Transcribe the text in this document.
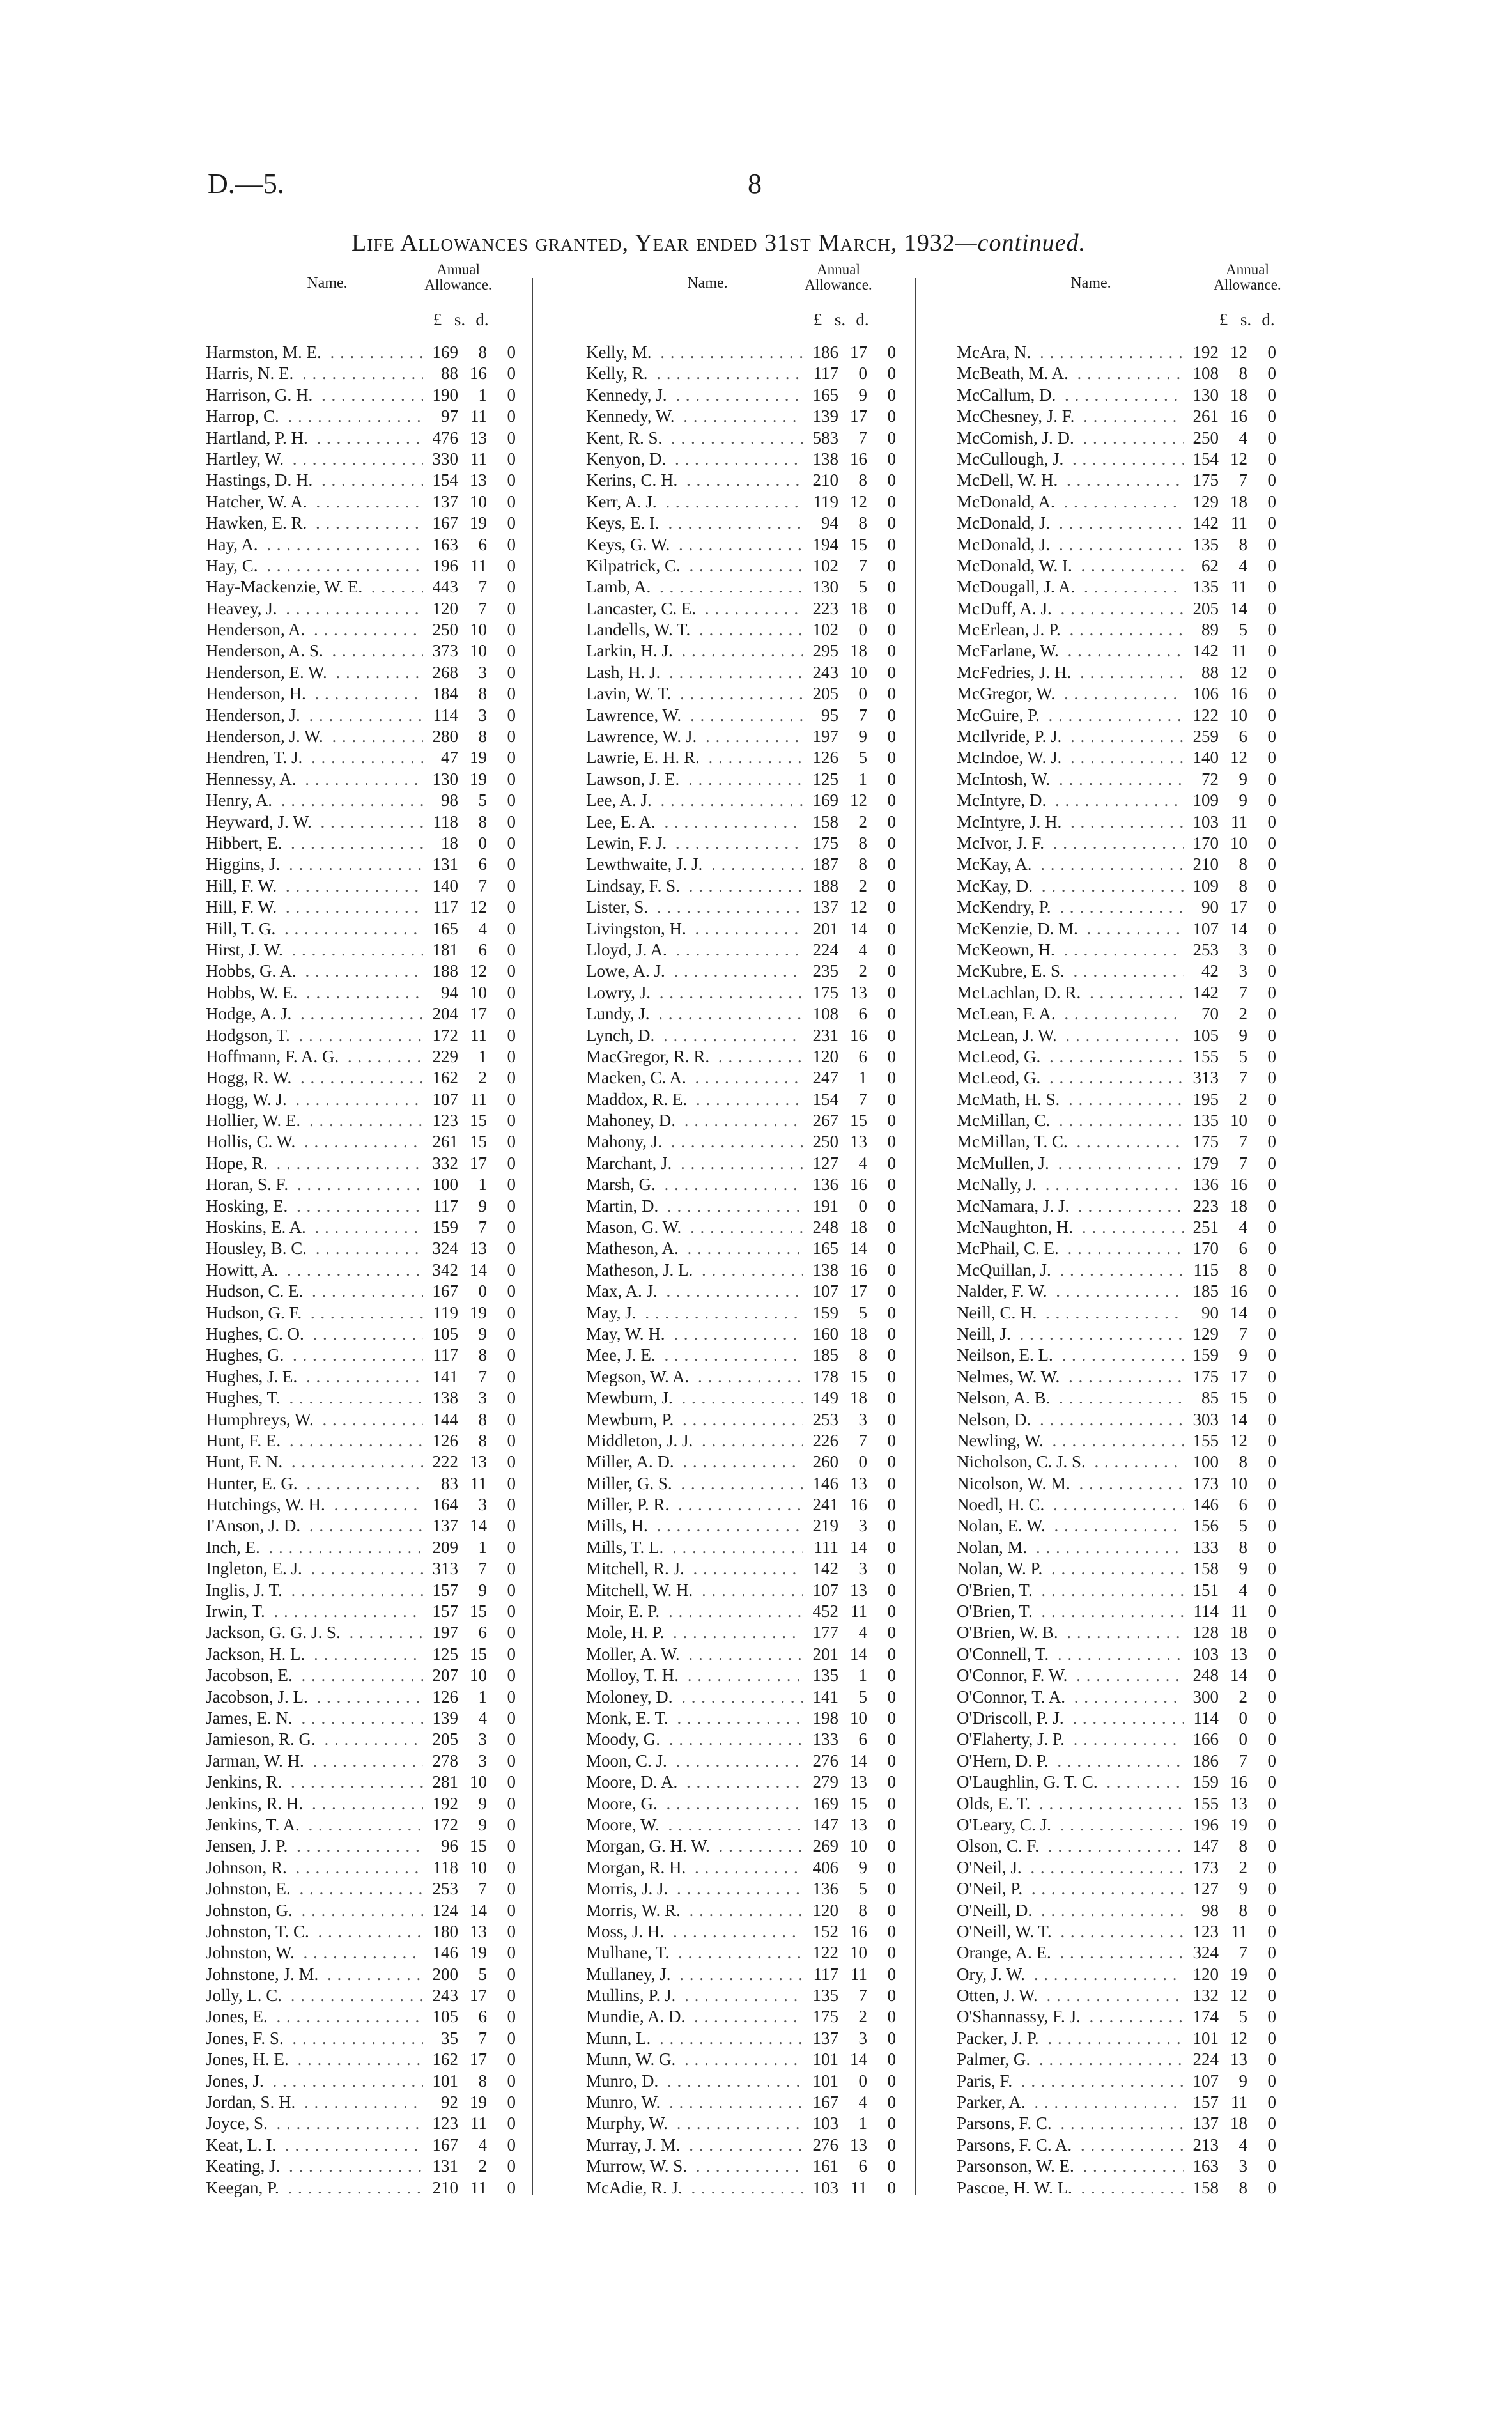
D.—5.	8
Life Allowances granted, Year ended 31st March, 1932—continued.
Name.
Annual
Allowance.
£ s. d.
Harmston, M. E. . . .	169	8	0
Harris, N. E. . . .	88 16	0
Harrison, G. H. . . .	190	1	0
Harrop, C. . . .	97 11	0
Hartland, P. H. . . .	476 13	0
Hartley, W. . . .	330 11	0
Hastings, D. H. . . .	154 13	0
Hatcher, W. A. . . .	137 10	0
Hawken, E. R. . . .	167 19	0
Hay, A. . . .	163	6	0
Hay, C. . . .	196 11	0
Hay-Mackenzie, W. E. . . .	443	7	0
Heavey, J. . . .	120	7	0
Henderson, A. . . .	250 10	0
Henderson, A. S. . . .	373 10	0
Henderson, E. W. . . .	268	3	0
Henderson, H. . . .	184	8	0
Henderson, J. . . .	114	3	0
Henderson, J. W. . . .	280	8	0
Hendren, T. J. . . .	47 19	0
Hennessy, A. . . .	130 19	0
Henry, A. . . .	98	5	0
Heyward, J. W. . . .	118	8	0
Hibbert, E. . . .	18	0	0
Higgins, J. . . .	131	6	0
Hill, F. W. . . .	140	7	0
Hill, F. W. . . .	117 12	0
Hill, T. G. . . .	165	4	0
Hirst, J. W. . . .	181	6	0
Hobbs, G. A. . . .	188 12	0
Hobbs, W. E. . . .	94 10	0
Hodge, A. J. . . .	204 17	0
Hodgson, T. . . .	172 11	0
Hoffmann, F. A. G. . . .	229	1	0
Hogg, R. W. . . .	162	2	0
Hogg, W. J. . . .	107 11	0
Hollier, W. E. . . .	123 15	0
Hollis, C. W. . . .	261 15	0
Hope, R. . . .	332 17	0
Horan, S. F. . . .	100	1	0
Hosking, E. . . .	117	9	0
Hoskins, E. A. . . .	159	7	0
Housley, B. C. . . .	324 13	0
Howitt, A. . . .	342 14	0
Hudson, C. E. . . .	167	0	0
Hudson, G. F. . . .	119 19	0
Hughes, C. O. . . .	105	9	0
Hughes, G. . . .	117	8	0
Hughes, J. E. . . .	141	7	0
Hughes, T. . . .	138	3	0
Humphreys, W. . . .	144	8	0
Hunt, F. E. . . .	126	8	0
Hunt, F. N. . . .	222 13	0
Hunter, E. G. . . .	83 11	0
Hutchings, W. H. . . .	164	3	0
I'Anson, J. D. . . .	137 14	0
Inch, E. . . .	209	1	0
Ingleton, E. J. . . .	313	7	0
Inglis, J. T. . . .	157	9	0
Irwin, T. . . .	157 15	0
Jackson, G. G. J. S. . . .	197	6	0
Jackson, H. L. . . .	125 15	0
Jacobson, E. . . .	207 10	0
Jacobson, J. L. . . .	126	1	0
James, E. N. . . .	139	4	0
Jamieson, R. G. . . .	205	3	0
Jarman, W. H. . . .	278	3	0
Jenkins, R. . . .	281 10	0
Jenkins, R. H. . . .	192	9	0
Jenkins, T. A. . . .	172	9	0
Jensen, J. P. . . .	96 15	0
Johnson, R. . . .	118 10	0
Johnston, E. . . .	253	7	0
Johnston, G. . . .	124 14	0
Johnston, T. C. . . .	180 13	0
Johnston, W. . . .	146 19	0
Johnstone, J. M. . . .	200	5	0
Jolly, L. C. . . .	243 17	0
Jones, E. . . .	105	6	0
Jones, F. S. . . .	35	7	0
Jones, H. E. . . .	162 17	0
Jones, J. . . .	101	8	0
Jordan, S. H. . . .	92 19	0
Joyce, S. . . .	123 11	0
Keat, L. I. . . .	167	4	0
Keating, J. . . .	131	2	0
Keegan, P. . . .	210 11	0
Name.
Annual
Allowance.
£ s. d.
Kelly, M. . . .	186 17	0
Kelly, R. . . .	117	0	0
Kennedy, J. . . .	165	9	0
Kennedy, W. . . .	139 17	0
Kent, R. S. . . .	583	7	0
Kenyon, D. . . .	138 16	0
Kerins, C. H. . . .	210	8	0
Kerr, A. J. . . .	119 12	0
Keys, E. I. . . .	94	8	0
Keys, G. W. . . .	194 15	0
Kilpatrick, C. . . .	102	7	0
Lamb, A. . . .	130	5	0
Lancaster, C. E. . . .	223 18	0
Landells, W. T. . . .	102	0	0
Larkin, H. J. . . .	295 18	0
Lash, H. J. . . .	243 10	0
Lavin, W. T. . . .	205	0	0
Lawrence, W. . . .	95	7	0
Lawrence, W. J. . . .	197	9	0
Lawrie, E. H. R. . . .	126	5	0
Lawson, J. E. . . .	125	1	0
Lee, A. J. . . .	169 12	0
Lee, E. A. . . .	158	2	0
Lewin, F. J. . . .	175	8	0
Lewthwaite, J. J. . . .	187	8	0
Lindsay, F. S. . . .	188	2	0
Lister, S. . . .	137 12	0
Livingston, H. . . .	201 14	0
Lloyd, J. A. . . .	224	4	0
Lowe, A. J. . . .	235	2	0
Lowry, J. . . .	175 13	0
Lundy, J. . . .	108	6	0
Lynch, D. . . .	231 16	0
MacGregor, R. R. . . .	120	6	0
Macken, C. A. . . .	247	1	0
Maddox, R. E. . . .	154	7	0
Mahoney, D. . . .	267 15	0
Mahony, J. . . .	250 13	0
Marchant, J. . . .	127	4	0
Marsh, G. . . .	136 16	0
Martin, D. . . .	191	0	0
Mason, G. W. . . .	248 18	0
Matheson, A. . . .	165 14	0
Matheson, J. L. . . .	138 16	0
Max, A. J. . . .	107 17	0
May, J. . . .	159	5	0
May, W. H. . . .	160 18	0
Mee, J. E. . . .	185	8	0
Megson, W. A. . . .	178 15	0
Mewburn, J. . . .	149 18	0
Mewburn, P. . . .	253	3	0
Middleton, J. J. . . .	226	7	0
Miller, A. D. . . .	260	0	0
Miller, G. S. . . .	146 13	0
Miller, P. R. . . .	241 16	0
Mills, H. . . .	219	3	0
Mills, T. L. . . .	111 14	0
Mitchell, R. J. . . .	142	3	0
Mitchell, W. H. . . .	107 13	0
Moir, E. P. . . .	452 11	0
Mole, H. P. . . .	177	4	0
Moller, A. W. . . .	201 14	0
Molloy, T. H. . . .	135	1	0
Moloney, D. . . .	141	5	0
Monk, E. T. . . .	198 10	0
Moody, G. . . .	133	6	0
Moon, C. J. . . .	276 14	0
Moore, D. A. . . .	279 13	0
Moore, G. . . .	169 15	0
Moore, W. . . .	147 13	0
Morgan, G. H. W. . . .	269 10	0
Morgan, R. H. . . .	406	9	0
Morris, J. J. . . .	136	5	0
Morris, W. R. . . .	120	8	0
Moss, J. H. . . .	152 16	0
Mulhane, T. . . .	122 10	0
Mullaney, J. . . .	117 11	0
Mullins, P. J. . . .	135	7	0
Mundie, A. D. . . .	175	2	0
Munn, L. . . .	137	3	0
Munn, W. G. . . .	101 14	0
Munro, D. . . .	101	0	0
Munro, W. . . .	167	4	0
Murphy, W. . . .	103	1	0
Murray, J. M. . . .	276 13	0
Murrow, W. S. . . .	161	6	0
McAdie, R. J. . . .	103 11	0
Name.
Annual
Allowance.
£ s. d.
McAra, N. . . .	192 12	0
McBeath, M. A. . . .	108	8	0
McCallum, D. . . .	130 18	0
McChesney, J. F. . . .	261 16	0
McComish, J. D. . . .	250	4	0
McCullough, J. . . .	154 12	0
McDell, W. H. . . .	175	7	0
McDonald, A. . . .	129 18	0
McDonald, J. . . .	142 11	0
McDonald, J. . . .	135	8	0
McDonald, W. I. . . .	62	4	0
McDougall, J. A. . . .	135 11	0
McDuff, A. J. . . .	205 14	0
McErlean, J. P. . . .	89	5	0
McFarlane, W. . . .	142 11	0
McFedries, J. H. . . .	88 12	0
McGregor, W. . . .	106 16	0
McGuire, P. . . .	122 10	0
McIlvride, P. J. . . .	259	6	0
McIndoe, W. J. . . .	140 12	0
McIntosh, W. . . .	72	9	0
McIntyre, D. . . .	109	9	0
McIntyre, J. H. . . .	103 11	0
McIvor, J. F. . . .	170 10	0
McKay, A. . . .	210	8	0
McKay, D. . . .	109	8	0
McKendry, P. . . .	90 17	0
McKenzie, D. M. . . .	107 14	0
McKeown, H. . . .	253	3	0
McKubre, E. S. . . .	42	3	0
McLachlan, D. R. . . .	142	7	0
McLean, F. A. . . .	70	2	0
McLean, J. W. . . .	105	9	0
McLeod, G. . . .	155	5	0
McLeod, G. . . .	313	7	0
McMath, H. S. . . .	195	2	0
McMillan, C. . . .	135 10	0
McMillan, T. C. . . .	175	7	0
McMullen, J. . . .	179	7	0
McNally, J. . . .	136 16	0
McNamara, J. J. . . .	223 18	0
McNaughton, H. . . .	251	4	0
McPhail, C. E. . . .	170	6	0
McQuillan, J. . . .	115	8	0
Nalder, F. W. . . .	185 16	0
Neill, C. H. . . .	90 14	0
Neill, J. . . .	129	7	0
Neilson, E. L. . . .	159	9	0
Nelmes, W. W. . . .	175 17	0
Nelson, A. B. . . .	85 15	0
Nelson, D. . . .	303 14	0
Newling, W. . . .	155 12	0
Nicholson, C. J. S. . . .	100	8	0
Nicolson, W. M. . . .	173 10	0
Noedl, H. C. . . .	146	6	0
Nolan, E. W. . . .	156	5	0
Nolan, M. . . .	133	8	0
Nolan, W. P. . . .	158	9	0
O'Brien, T. . . .	151	4	0
O'Brien, T. . . .	114 11	0
O'Brien, W. B. . . .	128 18	0
O'Connell, T. . . .	103 13	0
O'Connor, F. W. . . .	248 14	0
O'Connor, T. A. . . .	300	2	0
O'Driscoll, P. J. . . .	114	0	0
O'Flaherty, J. P. . . .	166	0	0
O'Hern, D. P. . . .	186	7	0
O'Laughlin, G. T. C. . . .	159 16	0
Olds, E. T. . . .	155 13	0
O'Leary, C. J. . . .	196 19	0
Olson, C. F. . . .	147	8	0
O'Neil, J. . . .	173	2	0
O'Neil, P. . . .	127	9	0
O'Neill, D. . . .	98	8	0
O'Neill, W. T. . . .	123 11	0
Orange, A. E. . . .	324	7	0
Ory, J. W. . . .	120 19	0
Otten, J. W. . . .	132 12	0
O'Shannassy, F. J. . . .	174	5	0
Packer, J. P. . . .	101 12	0
Palmer, G. . . .	224 13	0
Paris, F. . . .	107	9	0
Parker, A. . . .	157 11	0
Parsons, F. C. . . .	137 18	0
Parsons, F. C. A. . . .	213	4	0
Parsonson, W. E. . . .	163	3	0
Pascoe, H. W. L. . . .	158	8	0
